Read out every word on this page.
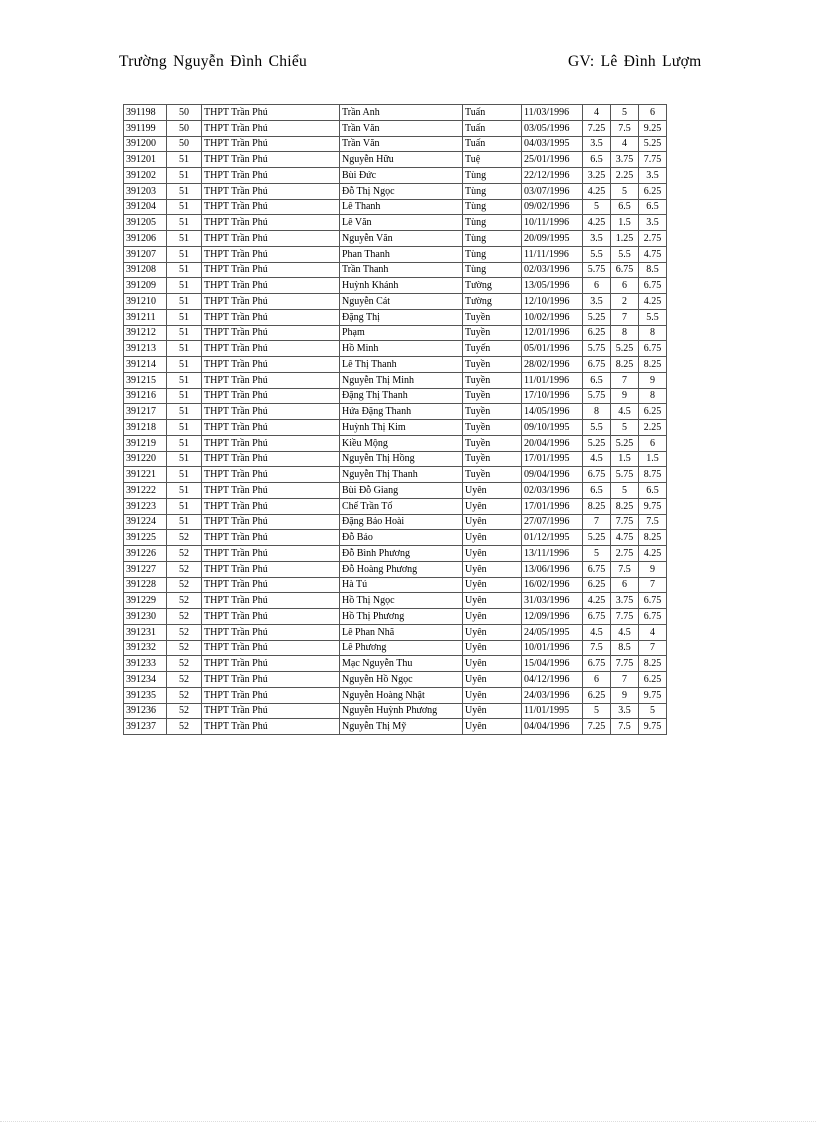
Trường Nguyễn Đình Chiểu	GV: Lê Đình Lượm
391198	50	THPT Trần Phú	Trần Anh	Tuấn	11/03/1996	4	5	6
391199	50	THPT Trần Phú	Trần Văn	Tuấn	03/05/1996	7.25	7.5	9.25
391200	50	THPT Trần Phú	Trần Văn	Tuấn	04/03/1995	3.5	4	5.25
391201	51	THPT Trần Phú	Nguyễn Hữu	Tuệ	25/01/1996	6.5	3.75	7.75
391202	51	THPT Trần Phú	Bùi Đức	Tùng	22/12/1996	3.25	2.25	3.5
391203	51	THPT Trần Phú	Đỗ Thị Ngọc	Tùng	03/07/1996	4.25	5	6.25
391204	51	THPT Trần Phú	Lê Thanh	Tùng	09/02/1996	5	6.5	6.5
391205	51	THPT Trần Phú	Lê Văn	Tùng	10/11/1996	4.25	1.5	3.5
391206	51	THPT Trần Phú	Nguyễn Văn	Tùng	20/09/1995	3.5	1.25	2.75
391207	51	THPT Trần Phú	Phan Thanh	Tùng	11/11/1996	5.5	5.5	4.75
391208	51	THPT Trần Phú	Trần Thanh	Tùng	02/03/1996	5.75	6.75	8.5
391209	51	THPT Trần Phú	Huỳnh Khánh	Tường	13/05/1996	6	6	6.75
391210	51	THPT Trần Phú	Nguyễn Cát	Tường	12/10/1996	3.5	2	4.25
391211	51	THPT Trần Phú	Đặng Thị	Tuyền	10/02/1996	5.25	7	5.5
391212	51	THPT Trần Phú	Phạm	Tuyền	12/01/1996	6.25	8	8
391213	51	THPT Trần Phú	Hồ Minh	Tuyến	05/01/1996	5.75	5.25	6.75
391214	51	THPT Trần Phú	Lê Thị Thanh	Tuyền	28/02/1996	6.75	8.25	8.25
391215	51	THPT Trần Phú	Nguyễn Thị Minh	Tuyền	11/01/1996	6.5	7	9
391216	51	THPT Trần Phú	Đặng Thị Thanh	Tuyền	17/10/1996	5.75	9	8
391217	51	THPT Trần Phú	Hứa Đặng Thanh	Tuyền	14/05/1996	8	4.5	6.25
391218	51	THPT Trần Phú	Huỳnh Thị Kim	Tuyền	09/10/1995	5.5	5	2.25
391219	51	THPT Trần Phú	Kiều Mộng	Tuyền	20/04/1996	5.25	5.25	6
391220	51	THPT Trần Phú	Nguyễn Thị Hồng	Tuyền	17/01/1995	4.5	1.5	1.5
391221	51	THPT Trần Phú	Nguyễn Thị Thanh	Tuyền	09/04/1996	6.75	5.75	8.75
391222	51	THPT Trần Phú	Bùi Đỗ Giang	Uyên	02/03/1996	6.5	5	6.5
391223	51	THPT Trần Phú	Chế Trần Tố	Uyên	17/01/1996	8.25	8.25	9.75
391224	51	THPT Trần Phú	Đặng Bảo Hoài	Uyên	27/07/1996	7	7.75	7.5
391225	52	THPT Trần Phú	Đỗ Bảo	Uyên	01/12/1995	5.25	4.75	8.25
391226	52	THPT Trần Phú	Đỗ Bình Phương	Uyên	13/11/1996	5	2.75	4.25
391227	52	THPT Trần Phú	Đỗ Hoàng Phương	Uyên	13/06/1996	6.75	7.5	9
391228	52	THPT Trần Phú	Hà Tú	Uyên	16/02/1996	6.25	6	7
391229	52	THPT Trần Phú	Hồ Thị Ngọc	Uyên	31/03/1996	4.25	3.75	6.75
391230	52	THPT Trần Phú	Hồ Thị Phương	Uyên	12/09/1996	6.75	7.75	6.75
391231	52	THPT Trần Phú	Lê Phan Nhã	Uyên	24/05/1995	4.5	4.5	4
391232	52	THPT Trần Phú	Lê Phương	Uyên	10/01/1996	7.5	8.5	7
391233	52	THPT Trần Phú	Mạc Nguyễn Thu	Uyên	15/04/1996	6.75	7.75	8.25
391234	52	THPT Trần Phú	Nguyễn Hồ Ngọc	Uyên	04/12/1996	6	7	6.25
391235	52	THPT Trần Phú	Nguyễn Hoàng Nhật	Uyên	24/03/1996	6.25	9	9.75
391236	52	THPT Trần Phú	Nguyễn Huỳnh Phương	Uyên	11/01/1995	5	3.5	5
391237	52	THPT Trần Phú	Nguyễn Thị Mỹ	Uyên	04/04/1996	7.25	7.5	9.75
